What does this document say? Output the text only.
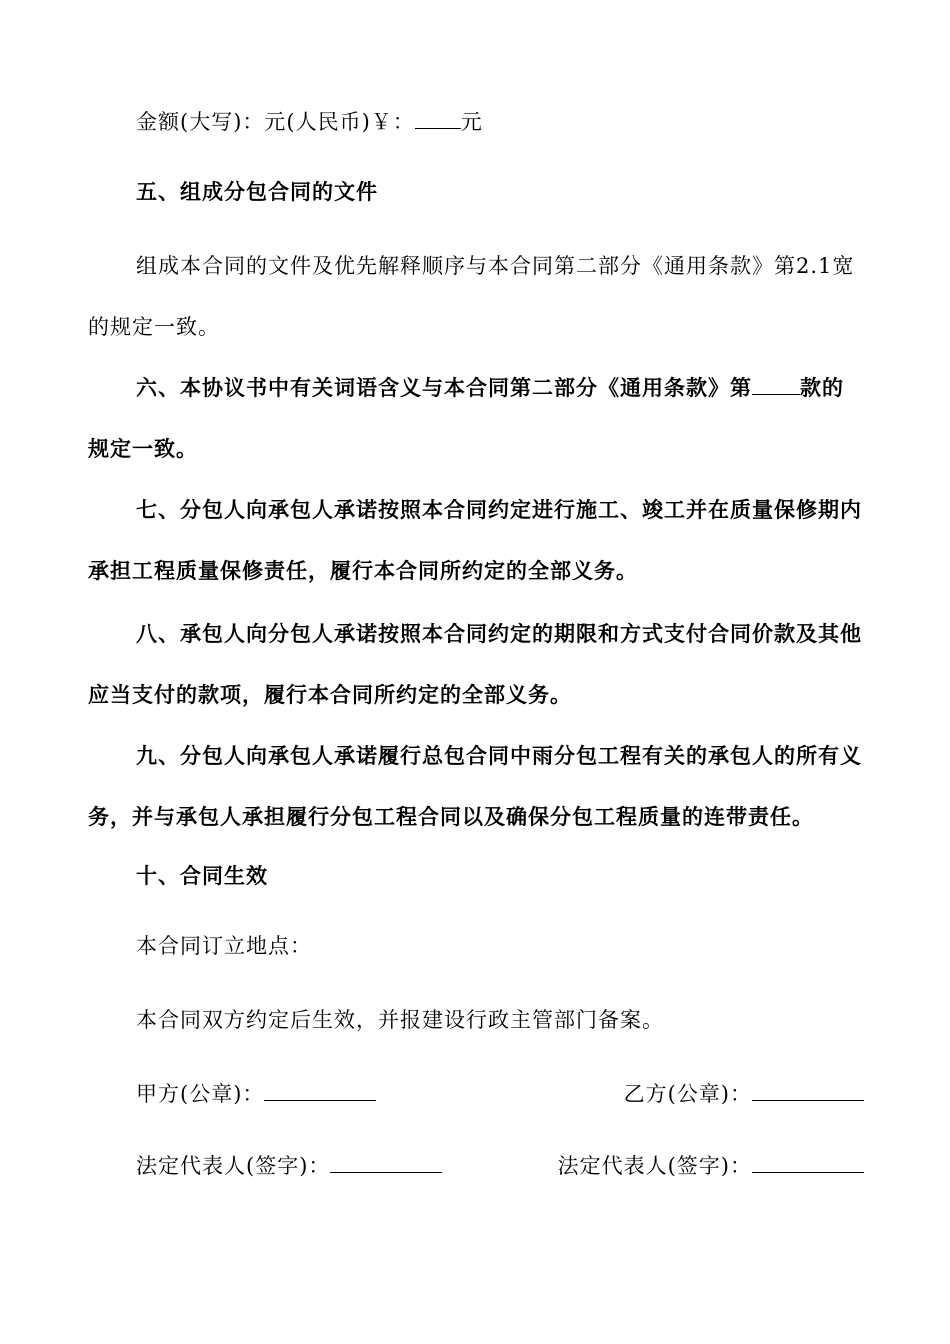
金额(大写)：元(人民币)￥： 元
五、组成分包合同的文件
组成本合同的文件及优先解释顺序与本合同第二部分《通用条款》第2.1宽的规定一致。
六、本协议书中有关词语含义与本合同第二部分《通用条款》第 款的规定一致。
七、分包人向承包人承诺按照本合同约定进行施工、竣工并在质量保修期内承担工程质量保修责任，履行本合同所约定的全部义务。
八、承包人向分包人承诺按照本合同约定的期限和方式支付合同价款及其他应当支付的款项，履行本合同所约定的全部义务。
九、分包人向承包人承诺履行总包合同中雨分包工程有关的承包人的所有义务，并与承包人承担履行分包工程合同以及确保分包工程质量的连带责任。
十、合同生效
本合同订立地点：
本合同双方约定后生效，并报建设行政主管部门备案。
甲方(公章)：	乙方(公章)：
法定代表人(签字)：	法定代表人(签字)：
